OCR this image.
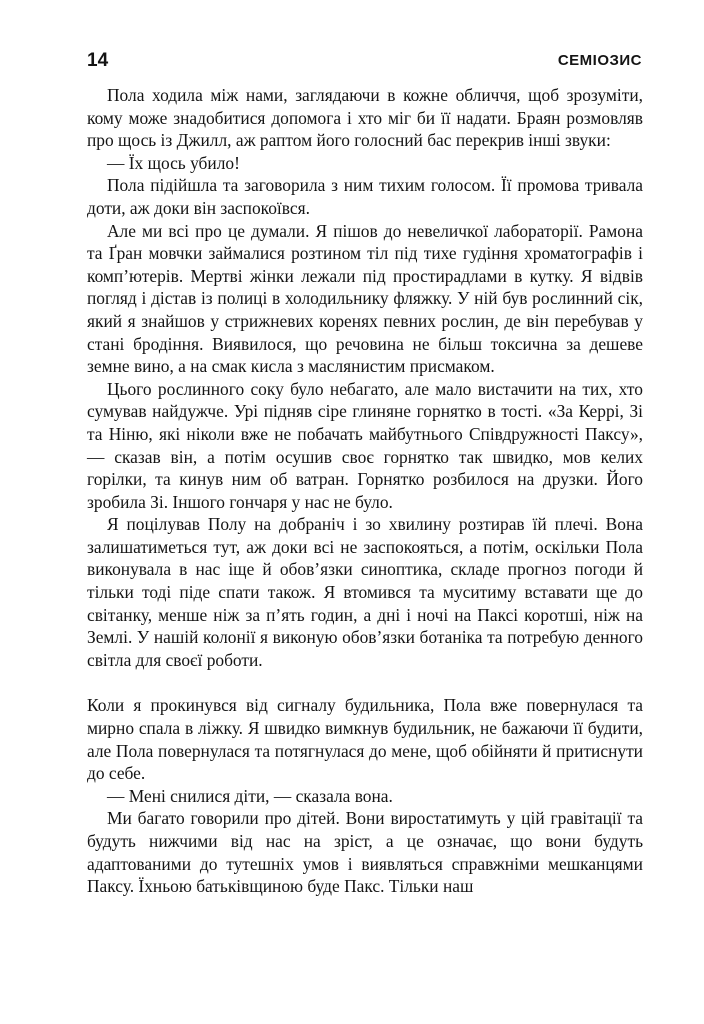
14	СЕМІОЗИС

Пола ходила між нами, заглядаючи в кожне обличчя, щоб зрозуміти, кому може знадобитися допомога і хто міг би її надати. Браян розмовляв про щось із Джилл, аж раптом його голосний бас перекрив інші звуки:

— Їх щось убило!

Пола підійшла та заговорила з ним тихим голосом. Її промова тривала доти, аж доки він заспокоївся.

Але ми всі про це думали. Я пішов до невеличкої лабораторії. Рамона та Ґран мовчки займалися розтином тіл під тихе гудіння хроматографів і комп’ютерів. Мертві жінки лежали під простирадлами в кутку. Я відвів погляд і дістав із полиці в холодильнику фляжку. У ній був рослинний сік, який я знайшов у стрижневих коренях певних рослин, де він перебував у стані бродіння. Виявилося, що речовина не більш токсична за дешеве земне вино, а на смак кисла з маслянистим присмаком.

Цього рослинного соку було небагато, але мало вистачити на тих, хто сумував найдужче. Урі підняв сіре глиняне горнятко в тості. «За Керрі, Зі та Ніню, які ніколи вже не побачать майбутнього Співдружності Паксу», — сказав він, а потім осушив своє горнятко так швидко, мов келих горілки, та кинув ним об ватран. Горнятко розбилося на друзки. Його зробила Зі. Іншого гончаря у нас не було.

Я поцілував Полу на добраніч і зо хвилину розтирав їй плечі. Вона залишатиметься тут, аж доки всі не заспокояться, а потім, оскільки Пола виконувала в нас іще й обов’язки синоптика, складе прогноз погоди й тільки тоді піде спати також. Я втомився та муситиму вставати ще до світанку, менше ніж за п’ять годин, а дні і ночі на Паксі коротші, ніж на Землі. У нашій колонії я виконую обов’язки ботаніка та потребую денного світла для своєї роботи.

Коли я прокинувся від сигналу будильника, Пола вже повернулася та мирно спала в ліжку. Я швидко вимкнув будильник, не бажаючи її будити, але Пола повернулася та потягнулася до мене, щоб обійняти й притиснути до себе.

— Мені снилися діти, — сказала вона.

Ми багато говорили про дітей. Вони виростатимуть у цій гравітації та будуть нижчими від нас на зріст, а це означає, що вони будуть адаптованими до тутешніх умов і виявляться справжніми мешканцями Паксу. Їхньою батьківщиною буде Пакс. Тільки наш
